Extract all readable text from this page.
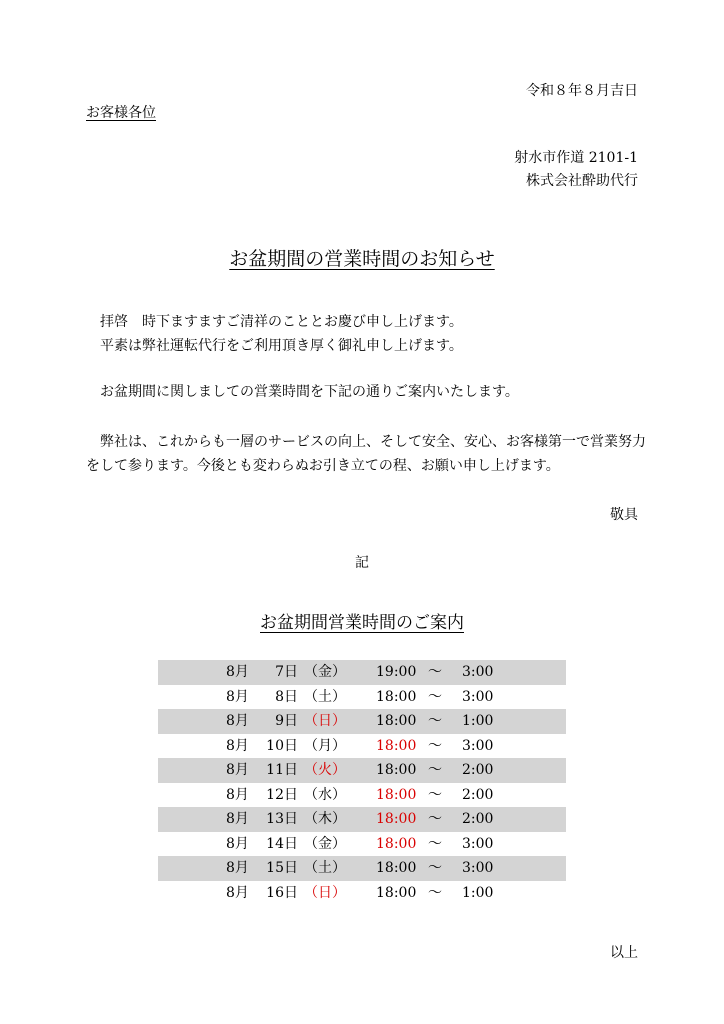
令和８年８月吉日
お客様各位
射水市作道 2101-1
株式会社酔助代行
お盆期間の営業時間のお知らせ
拝啓　時下ますますご清祥のこととお慶び申し上げます。
平素は弊社運転代行をご利用頂き厚く御礼申し上げます。
お盆期間に関しましての営業時間を下記の通りご案内いたします。
弊社は、これからも一層のサービスの向上、そして安全、安心、お客様第一で営業努力をして参ります。今後とも変わらぬお引き立ての程、お願い申し上げます。
敬具
記
お盆期間営業時間のご案内
8月	7日 （金） 19:00 ～ 3:00
8月	8日 （土） 18:00 ～ 3:00
8月	9日 （日） 18:00 ～ 1:00
8月	10日 （月） 18:00 ～ 3:00
8月	11日 （火） 18:00 ～ 2:00
8月	12日 （水） 18:00 ～ 2:00
8月	13日 （木） 18:00 ～ 2:00
8月	14日 （金） 18:00 ～ 3:00
8月	15日 （土） 18:00 ～ 3:00
8月	16日 （日） 18:00 ～ 1:00
以上
